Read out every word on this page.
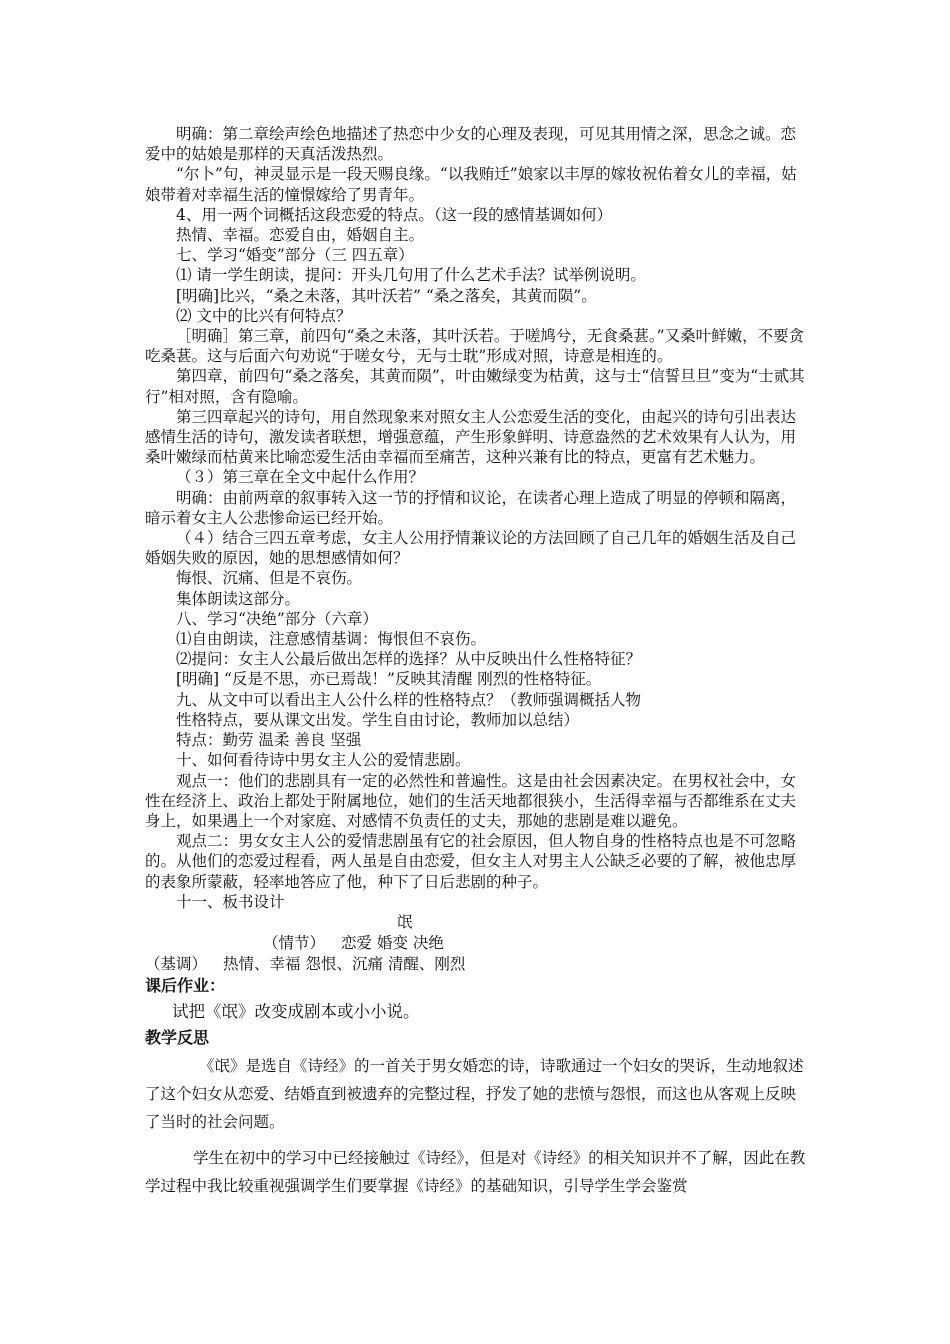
明确：第二章绘声绘色地描述了热恋中少女的心理及表现，可见其用情之深，思念之诚。恋爱中的姑娘是那样的天真活泼热烈。

“尔卜”句，神灵显示是一段天赐良缘。“以我贿迁”娘家以丰厚的嫁妆祝佑着女儿的幸福，姑娘带着对幸福生活的憧憬嫁给了男青年。

4、用一两个词概括这段恋爱的特点。（这一段的感情基调如何）

热情、幸福。恋爱自由，婚姻自主。

七、学习“婚变”部分（三 四五章）

⑴ 请一学生朗读，提问：开头几句用了什么艺术手法？试举例说明。

[明确]比兴，“桑之未落，其叶沃若” “桑之落矣，其黄而陨”。

⑵ 文中的比兴有何特点？

［明确］第三章，前四句“桑之未落，其叶沃若。于嗟鸠兮，无食桑葚。”又桑叶鲜嫩，不要贪吃桑葚。这与后面六句劝说“于嗟女兮，无与士耽”形成对照，诗意是相连的。

第四章，前四句“桑之落矣，其黄而陨”，叶由嫩绿变为枯黄，这与士“信誓旦旦”变为“士贰其行”相对照，含有隐喻。

第三四章起兴的诗句，用自然现象来对照女主人公恋爱生活的变化，由起兴的诗句引出表达感情生活的诗句，激发读者联想，增强意蕴，产生形象鲜明、诗意盎然的艺术效果有人认为，用桑叶嫩绿而枯黄来比喻恋爱生活由幸福而至痛苦，这种兴兼有比的特点，更富有艺术魅力。

（３）第三章在全文中起什么作用？

明确：由前两章的叙事转入这一节的抒情和议论，在读者心理上造成了明显的停顿和隔离，暗示着女主人公悲惨命运已经开始。

（４）结合三四五章考虑，女主人公用抒情兼议论的方法回顾了自己几年的婚姻生活及自己婚姻失败的原因，她的思想感情如何？

悔恨、沉痛、但是不哀伤。

集体朗读这部分。

八、学习“决绝”部分（六章）

⑴自由朗读，注意感情基调：悔恨但不哀伤。

⑵提问：女主人公最后做出怎样的选择？从中反映出什么性格特征？

[明确] “反是不思，亦已焉哉！”反映其清醒 刚烈的性格特征。

九、从文中可以看出主人公什么样的性格特点？（教师强调概括人物

性格特点，要从课文出发。学生自由讨论，教师加以总结）

特点：勤劳 温柔 善良 坚强

十、如何看待诗中男女主人公的爱情悲剧。

观点一：他们的悲剧具有一定的必然性和普遍性。这是由社会因素决定。在男权社会中，女性在经济上、政治上都处于附属地位，她们的生活天地都很狭小，生活得幸福与否都维系在丈夫身上，如果遇上一个对家庭、对感情不负责任的丈夫，那她的悲剧是难以避免。

观点二：男女女主人公的爱情悲剧虽有它的社会原因，但人物自身的性格特点也是不可忽略的。从他们的恋爱过程看，两人虽是自由恋爱，但女主人对男主人公缺乏必要的了解，被他忠厚的表象所蒙蔽，轻率地答应了他，种下了日后悲剧的种子。

十一、板书设计

氓

（情节） 恋爱 婚变 决绝

（基调） 热情、幸福 怨恨、沉痛 清醒、刚烈

课后作业：

试把《氓》改变成剧本或小小说。

教学反思

《氓》是选自《诗经》的一首关于男女婚恋的诗，诗歌通过一个妇女的哭诉，生动地叙述了这个妇女从恋爱、结婚直到被遗弃的完整过程，抒发了她的悲愤与怨恨，而这也从客观上反映了当时的社会问题。

学生在初中的学习中已经接触过《诗经》，但是对《诗经》的相关知识并不了解，因此在教学过程中我比较重视强调学生们要掌握《诗经》的基础知识，引导学生学会鉴赏
